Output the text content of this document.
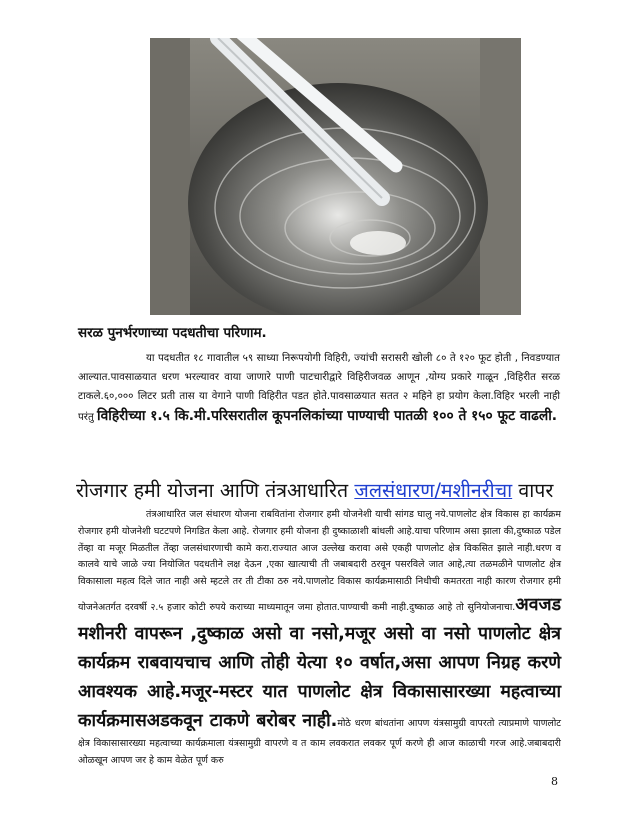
सरळ पुनर्भरणाच्या पदधतीचा परिणाम.
या पदधतीत १८ गावातील ५९ साध्या निरूपयोगी विहिरी, ज्यांची सरासरी खोली ८० ते १२० फूट होती , निवडण्यात आल्यात.पावसाळयात धरण भरल्यावर वाया जाणारे पाणी पाटचारीद्वारे विहिरीजवळ आणून ,योग्य प्रकारे गाळून ,विहिरीत सरळ टाकले.६०,००० लिटर प्रती तास या वेगाने पाणी विहिरीत पडत होते.पावसाळयात सतत २ महिने हा प्रयोग केला.विहिर भरली नाही परंतु विहिरीच्या १.५ कि.मी.परिसरातील कूपनलिकांच्या पाण्याची पातळी १०० ते १५० फूट वाढली.
रोजगार हमी योजना आणि तंत्रआधारित जलसंधारण/मशीनरीचा वापर
तंत्रआधारित जल संधारण योजना राबवितांना रोजगार हमी योजनेशी याची सांगड घालु नये.पाणलोट क्षेत्र विकास हा कार्यक्रम रोजगार हमी योजनेशी घटटपणे निगडित केला आहे. रोजगार हमी योजना ही दुष्काळाशी बांधली आहे.याचा परिणाम असा झाला की,दुष्काळ पडेल तेंव्हा वा मजूर मिळतील तेंव्हा जलसंधारणाची कामे करा.राज्यात आज उल्लेख करावा असे एकही पाणलोट क्षेत्र विकसित झाले नाही.धरण व कालवे याचे जाळे ज्या नियोजित पदधतीने लक्ष देऊन ,एका खात्याची ती जबाबदारी ठरवून पसरविले जात आहे,त्या तळमळीने पाणलोट क्षेत्र विकासाला महत्व दिले जात नाही असे म्हटले तर ती टीका ठरु नये.पाणलोट विकास कार्यक्रमासाठी निधीची कमतरता नाही कारण रोजगार हमी योजनेअतर्गत दरवर्षी २.५ हजार कोटी रुपये कराच्या माध्यमातून जमा होतात.पाण्याची कमी नाही.दुष्काळ आहे तो सुनियोजनाचा.अवजड मशीनरी वापरून ,दुष्काळ असो वा नसो,मजूर असो वा नसो पाणलोट क्षेत्र कार्यक्रम राबवायचाच आणि तोही येत्या १० वर्षात,असा आपण निग्रह करणे आवश्यक आहे.मजूर-मस्टर यात पाणलोट क्षेत्र विकासासारख्या महत्वाच्या कार्यक्रमासअडकवून टाकणे बरोबर नाही.मोठे धरण बांधतांना आपण यंत्रसामुग्री वापरतो त्याप्रमाणे पाणलोट क्षेत्र विकासासारख्या महत्वाच्या कार्यक्रमाला यंत्रसामुग्री वापरणे व त काम लवकरात लवकर पूर्ण करणे ही आज काळाची गरज आहे.जबाबदारी ओळखून आपण जर हे काम वेळेत पूर्ण करु
8
